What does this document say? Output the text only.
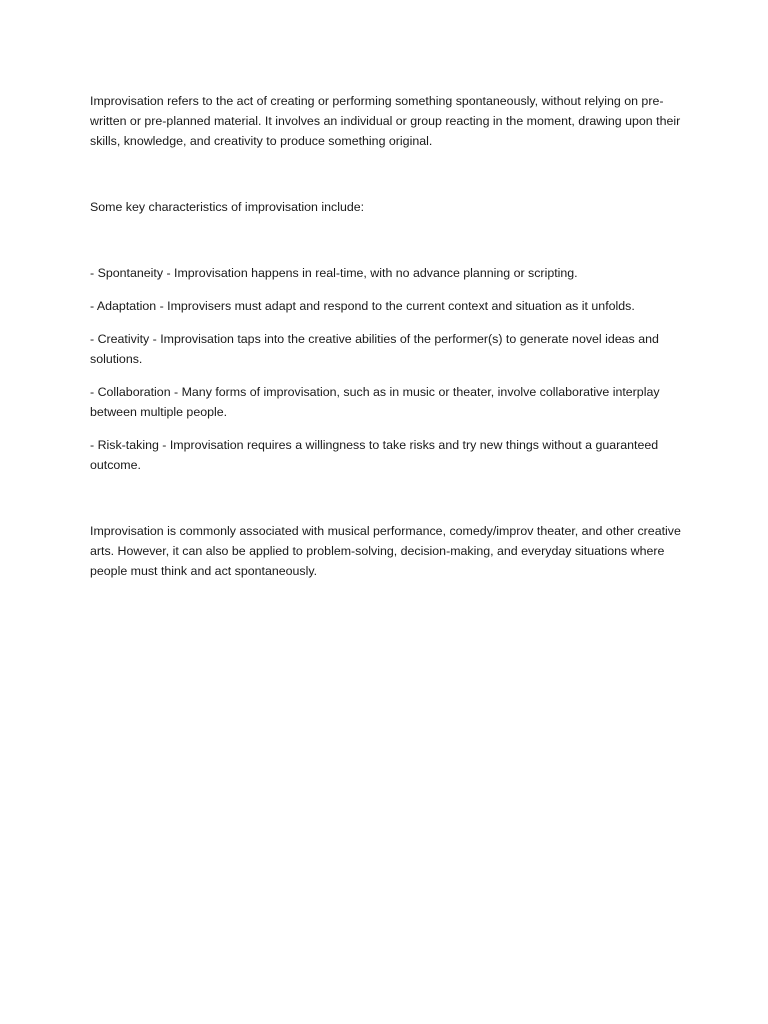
Improvisation refers to the act of creating or performing something spontaneously, without relying on pre-written or pre-planned material. It involves an individual or group reacting in the moment, drawing upon their skills, knowledge, and creativity to produce something original.

Some key characteristics of improvisation include:

- Spontaneity - Improvisation happens in real-time, with no advance planning or scripting.

- Adaptation - Improvisers must adapt and respond to the current context and situation as it unfolds.

- Creativity - Improvisation taps into the creative abilities of the performer(s) to generate novel ideas and solutions.

- Collaboration - Many forms of improvisation, such as in music or theater, involve collaborative interplay between multiple people.

- Risk-taking - Improvisation requires a willingness to take risks and try new things without a guaranteed outcome.

Improvisation is commonly associated with musical performance, comedy/improv theater, and other creative arts. However, it can also be applied to problem-solving, decision-making, and everyday situations where people must think and act spontaneously.
